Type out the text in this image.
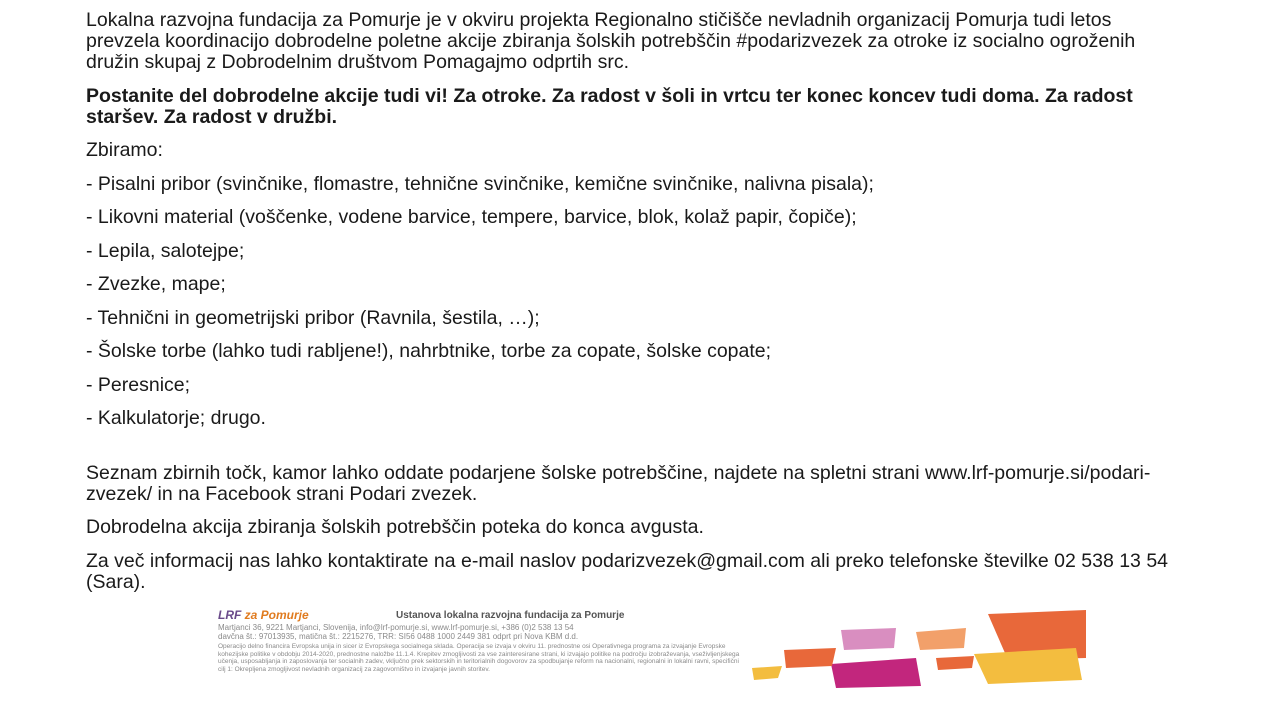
Lokalna razvojna fundacija za Pomurje je v okviru projekta Regionalno stičišče nevladnih organizacij Pomurja tudi letos prevzela koordinacijo dobrodelne poletne akcije zbiranja šolskih potrebščin #podarizvezek za otroke iz socialno ogroženih družin skupaj z Dobrodelnim društvom Pomagajmo odprtih src.

Postanite del dobrodelne akcije tudi vi! Za otroke. Za radost v šoli in vrtcu ter konec koncev tudi doma. Za radost staršev. Za radost v družbi.

Zbiramo:

- Pisalni pribor (svinčnike, flomastre, tehnične svinčnike, kemične svinčnike, nalivna pisala);

- Likovni material (voščenke, vodene barvice, tempere, barvice, blok, kolaž papir, čopiče);

- Lepila, salotejpe;

- Zvezke, mape;

- Tehnični in geometrijski pribor (Ravnila, šestila, …);

- Šolske torbe (lahko tudi rabljene!), nahrbtnike, torbe za copate, šolske copate;

- Peresnice;

- Kalkulatorje; drugo.

Seznam zbirnih točk, kamor lahko oddate podarjene šolske potrebščine, najdete na spletni strani www.lrf-pomurje.si/podari-zvezek/ in na Facebook strani Podari zvezek.

Dobrodelna akcija zbiranja šolskih potrebščin poteka do konca avgusta.

Za več informacij nas lahko kontaktirate na e-mail naslov podarizvezek@gmail.com ali preko telefonske številke 02 538 13 54 (Sara).

LRF za Pomurje	Ustanova lokalna razvojna fundacija za Pomurje
Martjanci 36, 9221 Martjanci, Slovenija, info@lrf-pomurje.si, www.lrf-pomurje.si, +386 (0)2 538 13 54
davčna št.: 97013935, matična št.: 2215276, TRR: SI56 0488 1000 2449 381 odprt pri Nova KBM d.d.
Operacijo delno financira Evropska unija in sicer iz Evropskega socialnega sklada. Operacija se izvaja v okviru 11. prednostne osi Operativnega programa za izvajanje Evropske kohezijske politike v obdobju 2014-2020, prednostne naložbe 11.1.4. Krepitev zmogljivosti za vse zainteresirane strani, ki izvajajo politike na področju izobraževanja, vseživljenjskega učenja, usposabljanja in zaposlovanja ter socialnih zadev, vključno prek sektorskih in teritorialnih dogovorov za spodbujanje reform na nacionalni, regionalni in lokalni ravni, specifični cilj 1: Okrepljena zmogljivost nevladnih organizacij za zagovorništvo in izvajanje javnih storitev.
